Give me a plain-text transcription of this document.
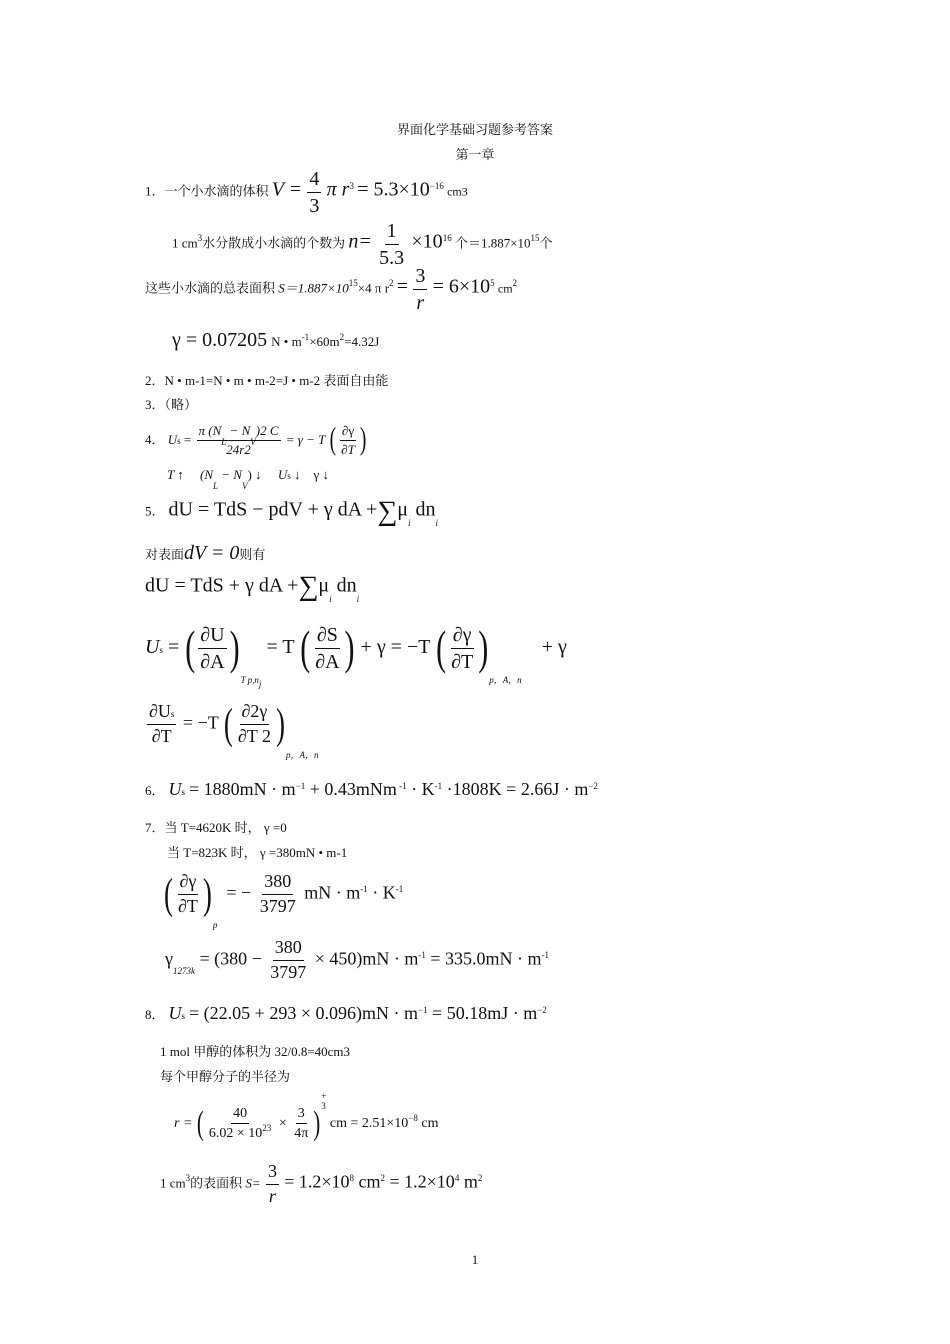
界面化学基础习题参考答案
第一章
1．一个小水滴的体积 $V = \frac{4}{3}$ π $r^3 = 5.3\times 10^{-16}$ cm3
1 $cm^3$水分散成小水滴的个数为 $n= \frac{1}{5.3} \times 10^{16}$ 个$=1.887\times 10^{15}$个
这些小水滴的总表面积 $S=1.887\times 10^{15}\times 4$ π $r^2 = \frac{3}{r} = 6\times 10^5$ $cm^2$
γ = 0.07205 N • $m^{-1}\times 60m^2=4.32J$
2．N • m-1=N • m • m-2=J • m-2 表面自由能
3．（略）
4． $Us = \frac{\pi (N_L - N_V)2 C}{24r2} = \gamma - T$ ( $\frac{\partial\gamma}{\partial T}$ )
T ↑ $(N_L - N_V)$ ↓ Us ↓ γ ↓
5． dU = TdS − pdV + γ dA $+\sum\mu_i$ $dn_i$
对表面dV = 0则有
dU = TdS + γ dA $+\sum\mu_i$ $dn_i$
Us = ( $\frac{\partial U}{\partial A} )_{T p,nj} = T$ ( $\frac{\partial S}{\partial A}$ ) + γ = −T ( $\frac{\partial\gamma}{\partial T} )_{p,A,n}$    + γ
$\frac{\partial Us}{\partial T} = -T$ ( $\frac{\partial 2\gamma}{\partial T 2} )_{p,A,n}$
6． $Us = 1880mN \cdot m^{-1} + 0.43mNm$ $^{-1} \cdot K^{-1} \cdot 1808K = 2.66J \cdot m^{-2}$
7．当 T=4620K 时， γ =0
当 T=823K 时， γ =380mN • m-1
( $\frac{\partial\gamma}{\partial T} )_p$  = − $\frac{380}{3797}$ mN · $m^{-1} \cdot K^{-1}$
$\gamma_{1273k} = (380 - \frac{380}{3797} \times 450)mN \cdot m^{-1} = 335.0mN \cdot m^{-1}$
8． $Us = (22.05 + 293 \times 0.096)mN \cdot m^{-1} = 50.18mJ \cdot m^{-2}$
1 mol 甲醇的体积为 32/0.8=40cm3
每个甲醇分子的半径为
r = ( $\frac{40}{6.02 \times 10^{23}} \times \frac{3}{4\pi}$ )
+
3
cm = $2.51\times 10^{-8}$ cm
1 $cm^3$的表面积 $S= \frac{3}{r} = 1.2\times 10^8$ $cm^2 = 1.2\times 10^4$ $m^2$
1
